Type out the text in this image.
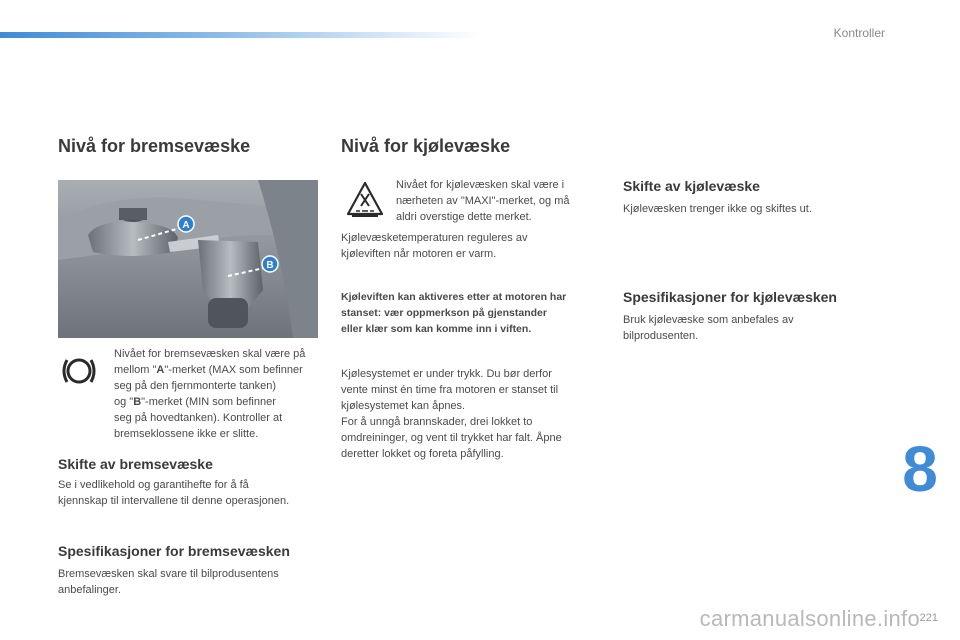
Kontroller
Nivå for bremsevæske
A
B
Nivået for bremsevæsken skal være på
mellom "A"-merket (MAX som befinner
seg på den fjernmonterte tanken)
og "B"-merket (MIN som befinner
seg på hovedtanken). Kontroller at
bremseklossene ikke er slitte.
Skifte av bremsevæske
Se i vedlikehold og garantihefte for å få
kjennskap til intervallene til denne operasjonen.
Spesifikasjoner for bremsevæsken
Bremsevæsken skal svare til bilprodusentens
anbefalinger.
Nivå for kjølevæske
Nivået for kjølevæsken skal være i
nærheten av "MAXI"-merket, og må
aldri overstige dette merket.
Kjølevæsketemperaturen reguleres av
kjøleviften når motoren er varm.
Kjøleviften kan aktiveres etter at motoren har
stanset: vær oppmerkson på gjenstander
eller klær som kan komme inn i viften.
Kjølesystemet er under trykk. Du bør derfor
vente minst én time fra motoren er stanset til
kjølesystemet kan åpnes.
For å unngå brannskader, drei lokket to
omdreininger, og vent til trykket har falt. Åpne
deretter lokket og foreta påfylling.
Skifte av kjølevæske
Kjølevæsken trenger ikke og skiftes ut.
Spesifikasjoner for kjølevæsken
Bruk kjølevæske som anbefales av
bilprodusenten.
8
221
carmanualsonline.info
